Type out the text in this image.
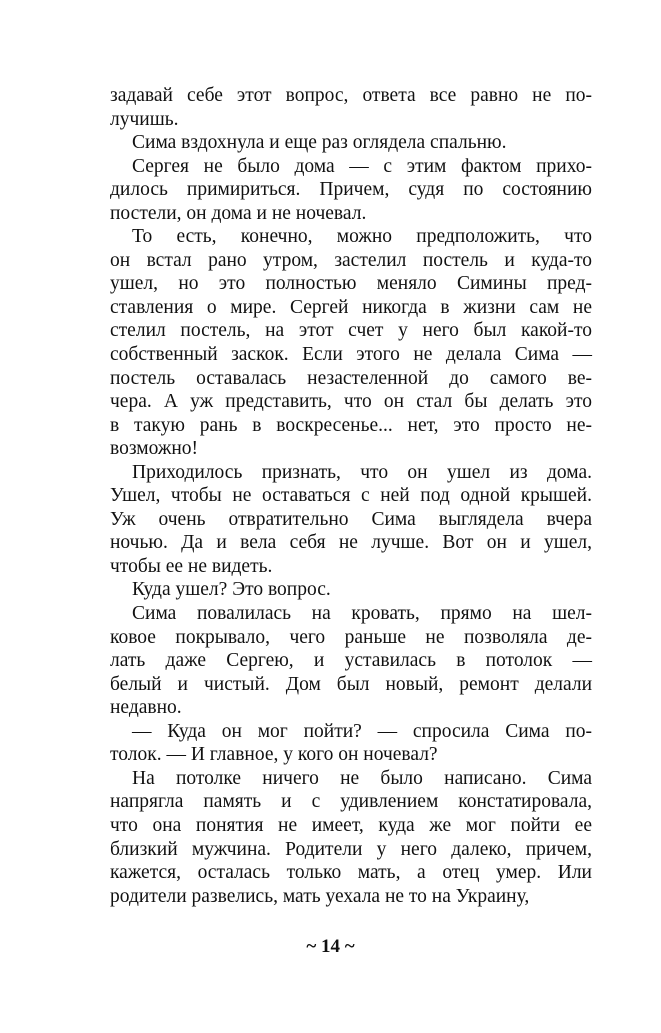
задавай себе этот вопрос, ответа все равно не по-
лучишь.
Сима вздохнула и еще раз оглядела спальню.
Сергея не было дома — с этим фактом прихо-
дилось примириться. Причем, судя по состоянию
постели, он дома и не ночевал.
То есть, конечно, можно предположить, что
он встал рано утром, застелил постель и куда-то
ушел, но это полностью меняло Симины пред-
ставления о мире. Сергей никогда в жизни сам не
стелил постель, на этот счет у него был какой-то
собственный заскок. Если этого не делала Сима —
постель оставалась незастеленной до самого ве-
чера. А уж представить, что он стал бы делать это
в такую рань в воскресенье... нет, это просто не-
возможно!
Приходилось признать, что он ушел из дома.
Ушел, чтобы не оставаться с ней под одной крышей.
Уж очень отвратительно Сима выглядела вчера
ночью. Да и вела себя не лучше. Вот он и ушел,
чтобы ее не видеть.
Куда ушел? Это вопрос.
Сима повалилась на кровать, прямо на шел-
ковое покрывало, чего раньше не позволяла де-
лать даже Сергею, и уставилась в потолок —
белый и чистый. Дом был новый, ремонт делали
недавно.
— Куда он мог пойти? — спросила Сима по-
толок. — И главное, у кого он ночевал?
На потолке ничего не было написано. Сима
напрягла память и с удивлением констатировала,
что она понятия не имеет, куда же мог пойти ее
близкий мужчина. Родители у него далеко, причем,
кажется, осталась только мать, а отец умер. Или
родители развелись, мать уехала не то на Украину,
~ 14 ~
